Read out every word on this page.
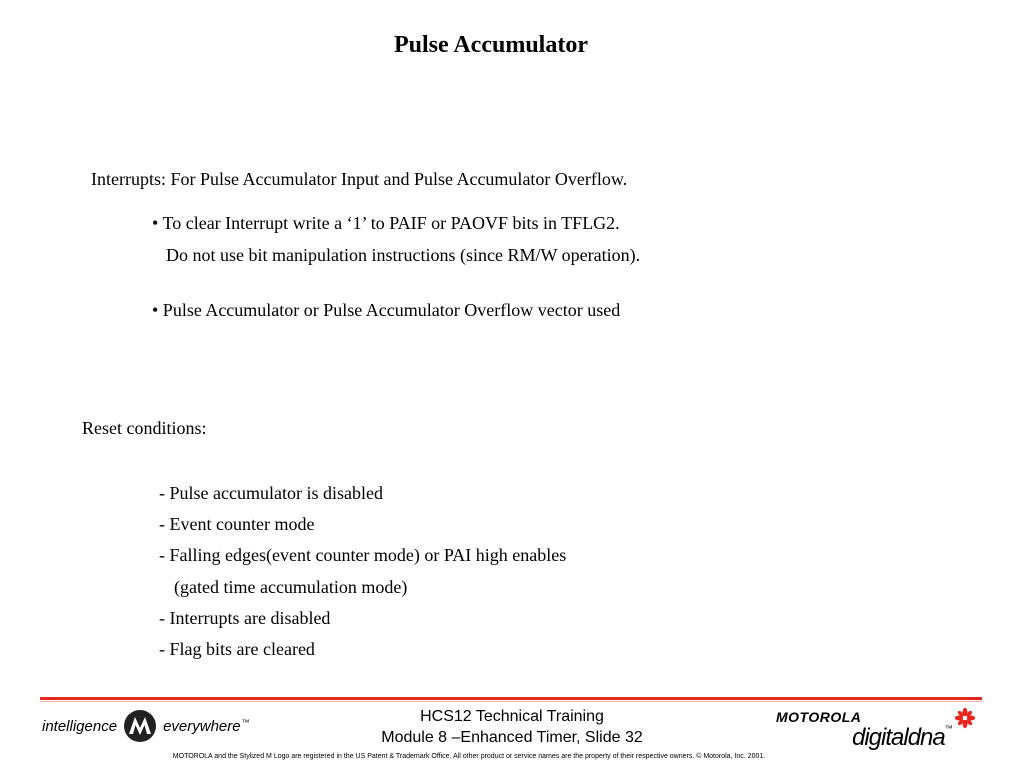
Pulse Accumulator
Interrupts: For Pulse Accumulator Input and Pulse Accumulator Overflow.
• To clear Interrupt write a ‘1’ to PAIF or PAOVF bits in TFLG2.
Do not use bit manipulation instructions (since RM/W operation).
• Pulse Accumulator or Pulse Accumulator Overflow vector used
Reset conditions:
- Pulse accumulator is disabled
- Event counter mode
- Falling edges(event counter mode) or PAI high enables
(gated time accumulation mode)
- Interrupts are disabled
- Flag bits are cleared
intelligence	everywhere ™	HCS12 Technical Training
Module 8 –Enhanced Timer, Slide 32
MOTOROLA
digitaldna™
MOTOROLA and the Stylized M Logo are registered in the US Patent & Trademark Office. All other product or service names are the property of their respective owners. © Motorola, Inc. 2001.
